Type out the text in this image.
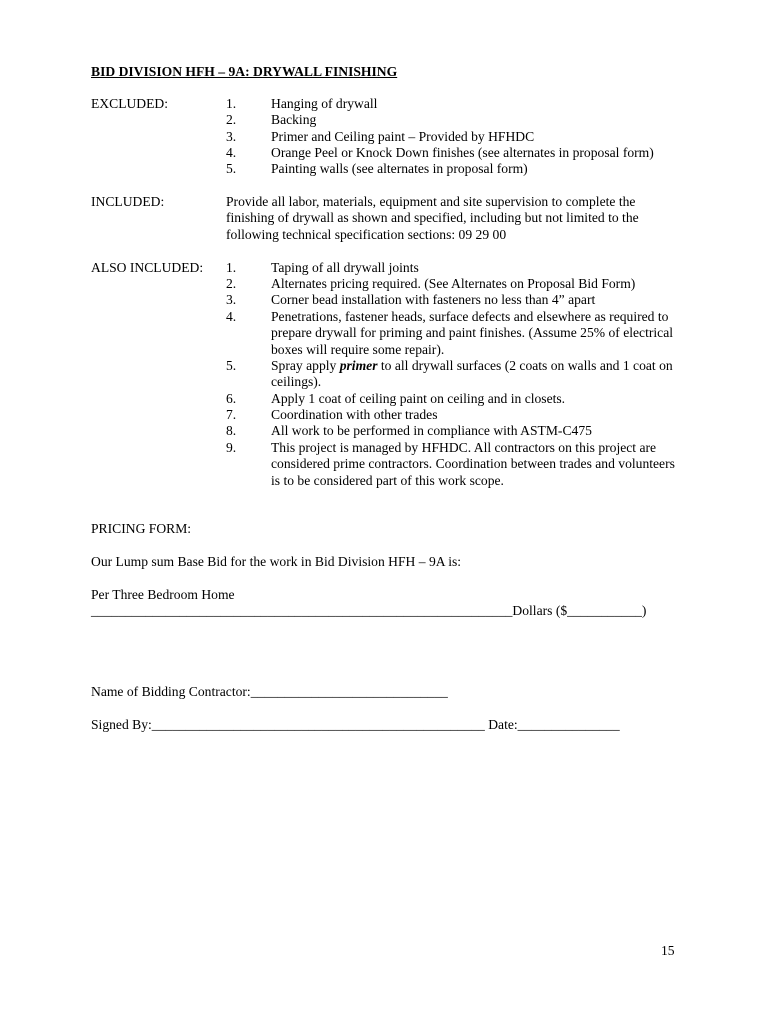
BID DIVISION HFH – 9A: DRYWALL FINISHING
EXCLUDED:	1.	Hanging of drywall
2.	Backing
3.	Primer and Ceiling paint – Provided by HFHDC
4.	Orange Peel or Knock Down finishes (see alternates in proposal form)
5.	Painting walls (see alternates in proposal form)
INCLUDED:	Provide all labor, materials, equipment and site supervision to complete the finishing of drywall as shown and specified, including but not limited to the following technical specification sections: 09 29 00
ALSO INCLUDED: 1.	Taping of all drywall joints
2.	Alternates pricing required. (See Alternates on Proposal Bid Form)
3.	Corner bead installation with fasteners no less than 4” apart
4.	Penetrations, fastener heads, surface defects and elsewhere as required to prepare drywall for priming and paint finishes. (Assume 25% of electrical boxes will require some repair).
5.	Spray apply primer to all drywall surfaces (2 coats on walls and 1 coat on ceilings).
6.	Apply 1 coat of ceiling paint on ceiling and in closets.
7.	Coordination with other trades
8.	All work to be performed in compliance with ASTM-C475
9.	This project is managed by HFHDC. All contractors on this project are considered prime contractors. Coordination between trades and volunteers is to be considered part of this work scope.
PRICING FORM:
Our Lump sum Base Bid for the work in Bid Division HFH – 9A is:
Per Three Bedroom Home
______________________________________________________________Dollars ($___________)
Name of Bidding Contractor:_____________________________
Signed By:_________________________________________________ Date:_______________
15
